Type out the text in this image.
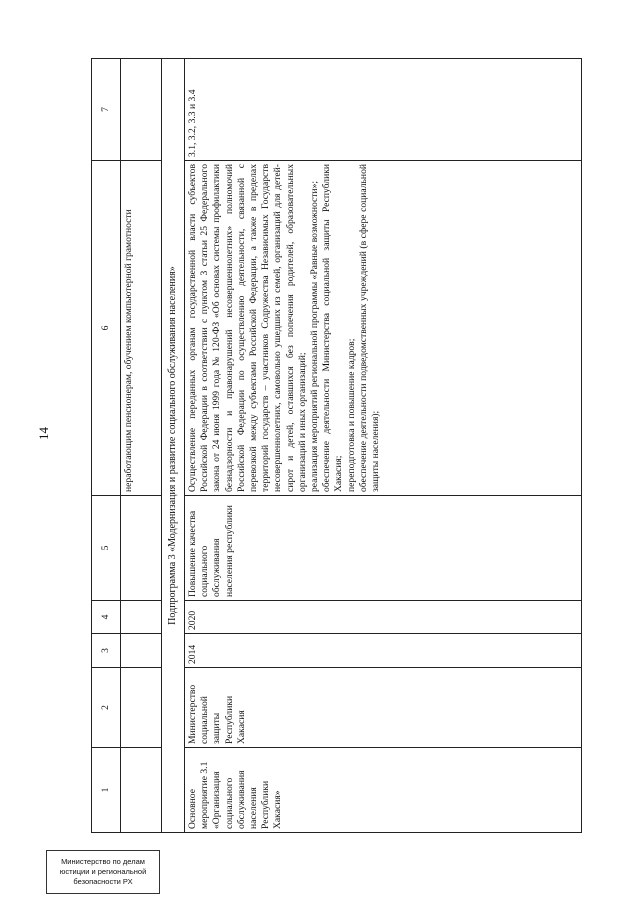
14
1	2	3	4	5	6	7
					неработающим пенсионерам, обучением компьютерной грамотности	
Подпрограмма 3 «Модернизация и развитие социального обслуживания населения»						
Основное мероприятие 3.1 «Организация социального обслуживания населения Республики Хакасия»	Министерство социальной защиты Республики Хакасия	2014	2020	Повышение качества социального обслуживания населения республики	Осуществление переданных органам государственной власти субъектов Российской Федерации в соответствии с пунктом 3 статьи 25 Федерального закона от 24 июня 1999 года № 120-ФЗ «Об основах системы профилактики безнадзорности и правонарушений несовершеннолетних» полномочий Российской Федерации по осуществлению деятельности, связанной с перевозкой между субъектами Российской Федерации, а также в пределах территорий государств – участников Содружества Независимых Государств несовершеннолетних, самовольно ушедших из семей, организаций для детей-сирот и детей, оставшихся без попечения родителей, образовательных организаций и иных организаций; реализация мероприятий региональной программы «Равные возможности»; обеспечение деятельности Министерства социальной защиты Республики Хакасия; переподготовка и повышение кадров; обеспечение деятельности подведомственных учреждений (в сфере социальной защиты населения);	3.1, 3.2, 3.3 и 3.4
Министерство по делам
юстиции и региональной
безопасности РХ
